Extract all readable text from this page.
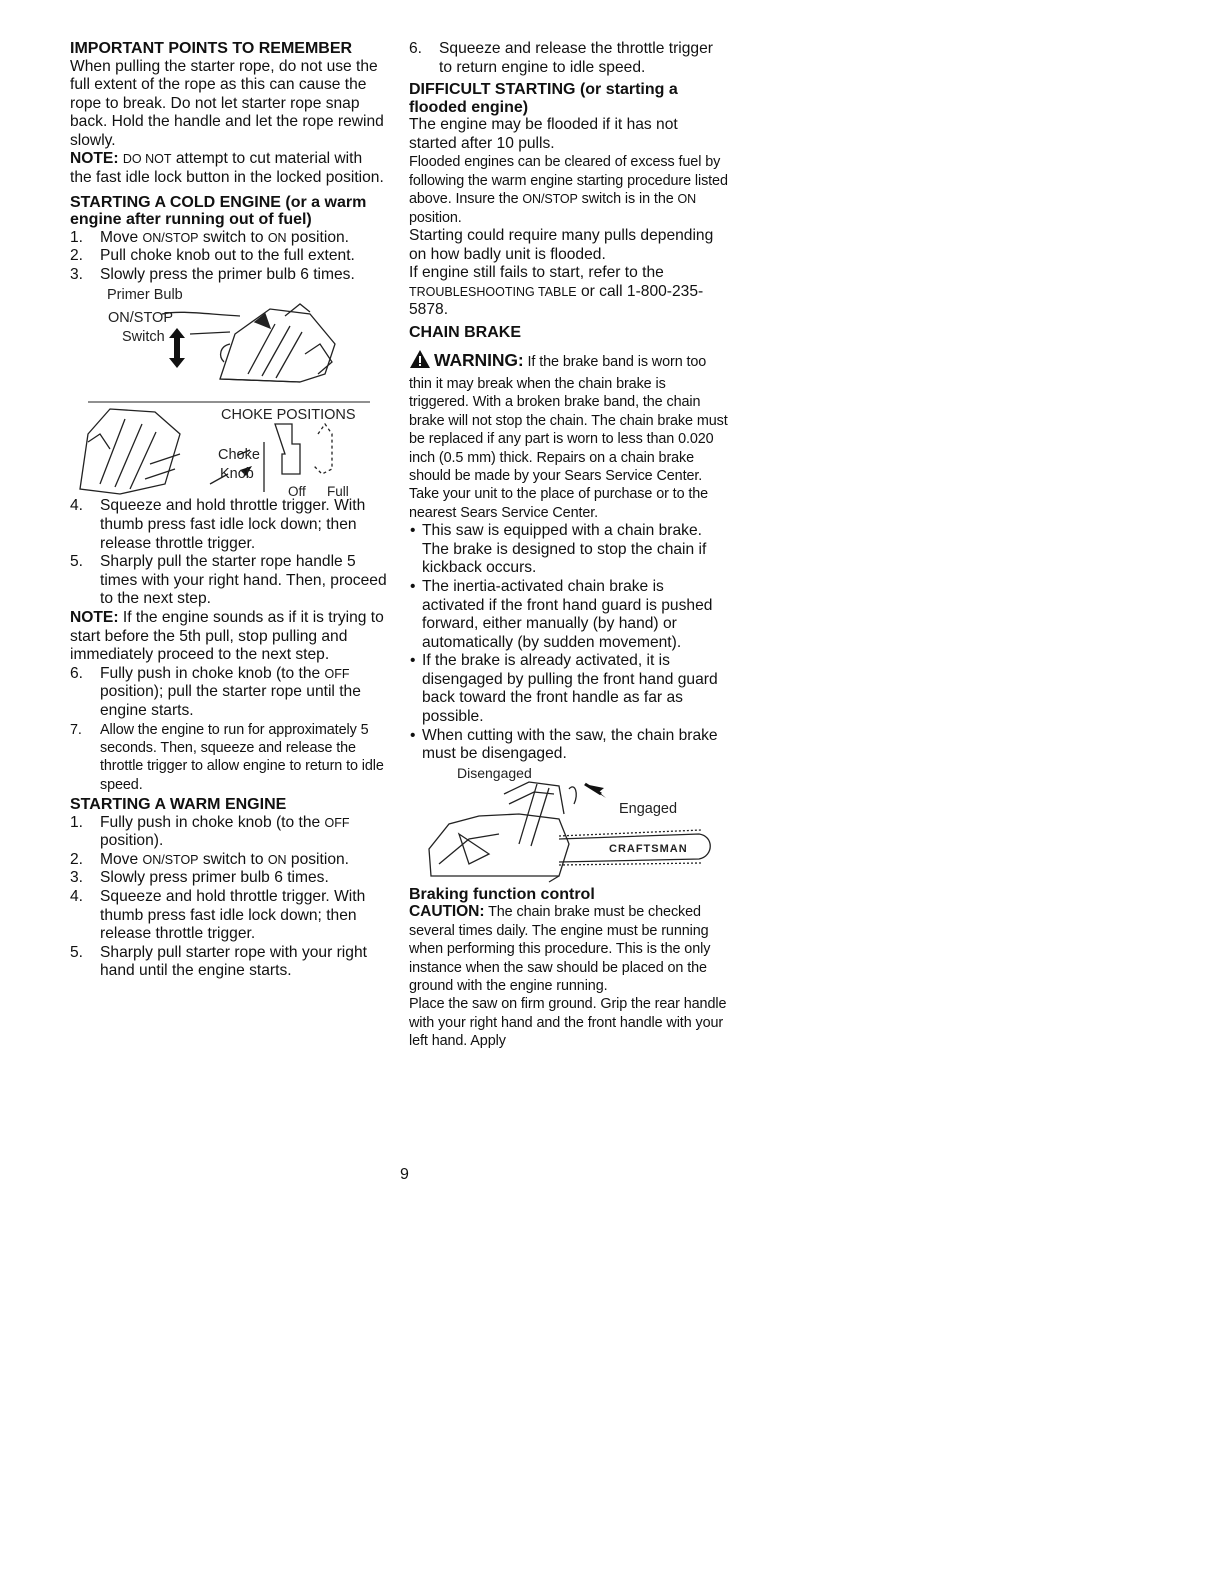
IMPORTANT POINTS TO REMEMBER

When pulling the starter rope, do not use the full extent of the rope as this can cause the rope to break. Do not let starter rope snap back. Hold the handle and let the rope rewind slowly.

NOTE: DO NOT attempt to cut material with the fast idle lock button in the locked position.

STARTING A COLD ENGINE (or a warm engine after running out of fuel)

1. Move ON/STOP switch to ON position.
2. Pull choke knob out to the full extent.
3. Slowly press the primer bulb 6 times.
Primer Bulb
ON/STOP
Switch
CHOKE POSITIONS
Choke
Knob
Off Full
4. Squeeze and hold throttle trigger. With thumb press fast idle lock down; then release throttle trigger.
5. Sharply pull the starter rope handle 5 times with your right hand. Then, proceed to the next step.

NOTE: If the engine sounds as if it is trying to start before the 5th pull, stop pulling and immediately proceed to the next step.

6. Fully push in choke knob (to the OFF position); pull the starter rope until the engine starts.
7. Allow the engine to run for approximately 5 seconds. Then, squeeze and release the throttle trigger to allow engine to return to idle speed.

STARTING A WARM ENGINE

1. Fully push in choke knob (to the OFF position).
2. Move ON/STOP switch to ON position.
3. Slowly press primer bulb 6 times.
4. Squeeze and hold throttle trigger. With thumb press fast idle lock down; then release throttle trigger.
5. Sharply pull starter rope with your right hand until the engine starts.
6. Squeeze and release the throttle trigger to return engine to idle speed.

DIFFICULT STARTING (or starting a flooded engine)

The engine may be flooded if it has not started after 10 pulls.

Flooded engines can be cleared of excess fuel by following the warm engine starting procedure listed above. Insure the ON/STOP switch is in the ON position.

Starting could require many pulls depending on how badly unit is flooded.

If engine still fails to start, refer to the TROUBLESHOOTING TABLE or call 1-800-235-5878.

CHAIN BRAKE

WARNING: If the brake band is worn too thin it may break when the chain brake is triggered. With a broken brake band, the chain brake will not stop the chain. The chain brake must be replaced if any part is worn to less than 0.020 inch (0.5 mm) thick. Repairs on a chain brake should be made by your Sears Service Center. Take your unit to the place of purchase or to the nearest Sears Service Center.

• This saw is equipped with a chain brake. The brake is designed to stop the chain if kickback occurs.
• The inertia-activated chain brake is activated if the front hand guard is pushed forward, either manually (by hand) or automatically (by sudden movement).
• If the brake is already activated, it is disengaged by pulling the front hand guard back toward the front handle as far as possible.
• When cutting with the saw, the chain brake must be disengaged.
Disengaged
Engaged
CRAFTSMAN

Braking function control

CAUTION: The chain brake must be checked several times daily. The engine must be running when performing this procedure. This is the only instance when the saw should be placed on the ground with the engine running.

Place the saw on firm ground. Grip the rear handle with your right hand and the front handle with your left hand. Apply

9
